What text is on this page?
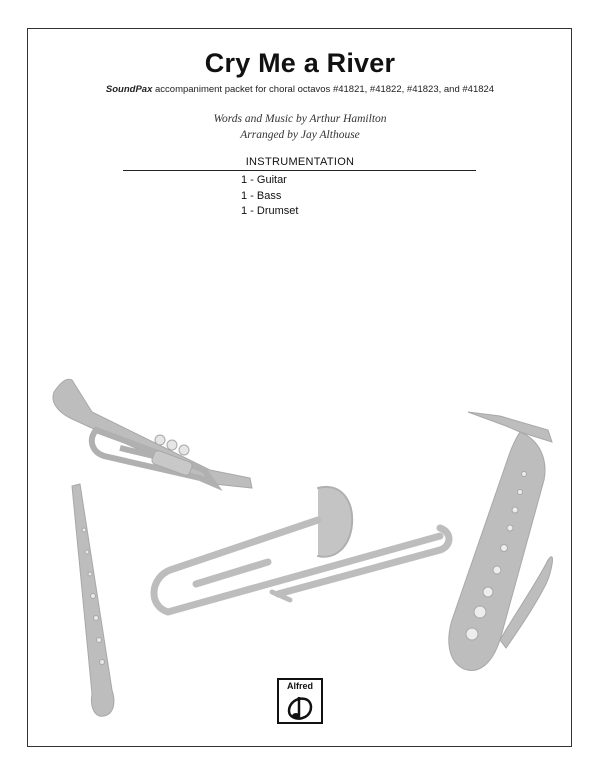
Cry Me a River
SoundPax accompaniment packet for choral octavos #41821, #41822, #41823, and #41824
Words and Music by Arthur Hamilton
Arranged by Jay Althouse
INSTRUMENTATION
1 - Guitar
1 - Bass
1 - Drumset
Alfred
